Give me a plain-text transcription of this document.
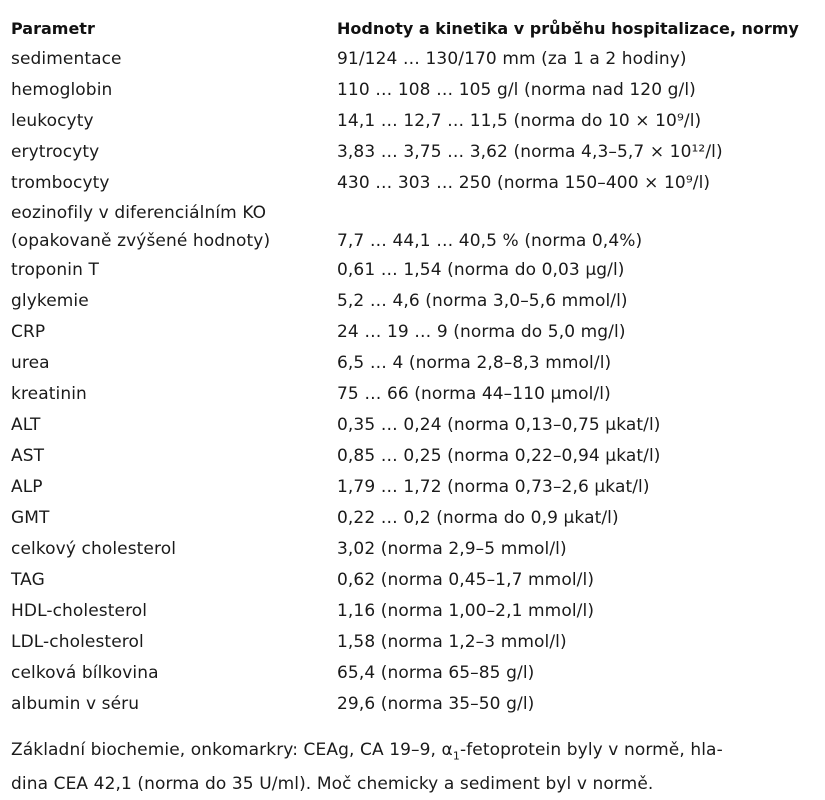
Parametr	Hodnoty a kinetika v průběhu hospitalizace, normy
sedimentace	91/124 … 130/170 mm (za 1 a 2 hodiny)
hemoglobin	110 … 108 … 105 g/l (norma nad 120 g/l)
leukocyty	14,1 … 12,7 … 11,5 (norma do 10 × 10⁹/l)
erytrocyty	3,83 … 3,75 … 3,62 (norma 4,3–5,7 × 10¹²/l)
trombocyty	430 … 303 … 250 (norma 150–400 × 10⁹/l)
eozinofily v diferenciálním KO	
(opakovaně zvýšené hodnoty)	7,7 … 44,1 … 40,5 % (norma 0,4%)
troponin T	0,61 … 1,54 (norma do 0,03 μg/l)
glykemie	5,2 … 4,6 (norma 3,0–5,6 mmol/l)
CRP	24 … 19 … 9 (norma do 5,0 mg/l)
urea	6,5 … 4 (norma 2,8–8,3 mmol/l)
kreatinin	75 … 66 (norma 44–110 μmol/l)
ALT	0,35 … 0,24 (norma 0,13–0,75 μkat/l)
AST	0,85 … 0,25 (norma 0,22–0,94 μkat/l)
ALP	1,79 … 1,72 (norma 0,73–2,6 μkat/l)
GMT	0,22 … 0,2 (norma do 0,9 μkat/l)
celkový cholesterol	3,02 (norma 2,9–5 mmol/l)
TAG	0,62 (norma 0,45–1,7 mmol/l)
HDL-cholesterol	1,16 (norma 1,00–2,1 mmol/l)
LDL-cholesterol	1,58 (norma 1,2–3 mmol/l)
celková bílkovina	65,4 (norma 65–85 g/l)
albumin v séru	29,6 (norma 35–50 g/l)

Základní biochemie, onkomarkry: CEAg, CA 19–9, $\alpha_1$-fetoprotein byly v normě, hla-

dina CEA 42,1 (norma do 35 U/ml). Moč chemicky a sediment byl v normě.
